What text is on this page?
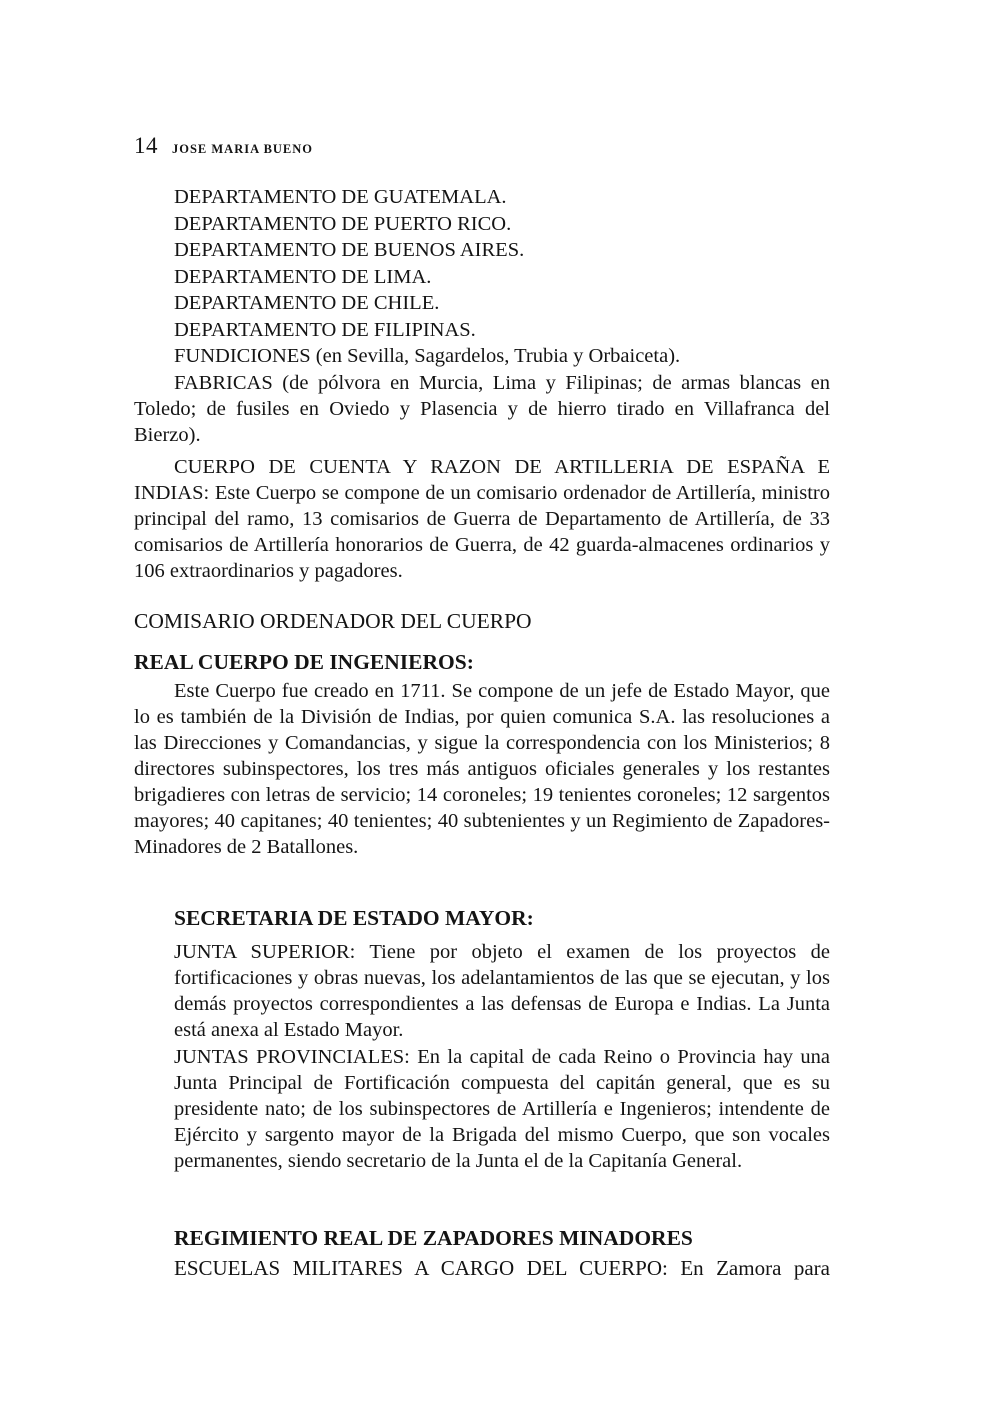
14 JOSE MARIA BUENO
DEPARTAMENTO DE GUATEMALA.
DEPARTAMENTO DE PUERTO RICO.
DEPARTAMENTO DE BUENOS AIRES.
DEPARTAMENTO DE LIMA.
DEPARTAMENTO DE CHILE.
DEPARTAMENTO DE FILIPINAS.
FUNDICIONES (en Sevilla, Sagardelos, Trubia y Orbaiceta).
FABRICAS (de pólvora en Murcia, Lima y Filipinas; de armas blancas en Toledo; de fusiles en Oviedo y Plasencia y de hierro tirado en Villafranca del Bierzo).
CUERPO DE CUENTA Y RAZON DE ARTILLERIA DE ESPAÑA E INDIAS: Este Cuerpo se compone de un comisario ordenador de Artillería, ministro principal del ramo, 13 comisarios de Guerra de Departamento de Artillería, de 33 comisarios de Artillería honorarios de Guerra, de 42 guarda-almacenes ordinarios y 106 extraordinarios y pagadores.
COMISARIO ORDENADOR DEL CUERPO
REAL CUERPO DE INGENIEROS:
Este Cuerpo fue creado en 1711. Se compone de un jefe de Estado Mayor, que lo es también de la División de Indias, por quien comunica S.A. las resoluciones a las Direcciones y Comandancias, y sigue la correspondencia con los Ministerios; 8 directores subinspectores, los tres más antiguos oficiales generales y los restantes brigadieres con letras de servicio; 14 coroneles; 19 tenientes coroneles; 12 sargentos mayores; 40 capitanes; 40 tenientes; 40 subtenientes y un Regimiento de Zapadores-Minadores de 2 Batallones.
SECRETARIA DE ESTADO MAYOR:
JUNTA SUPERIOR: Tiene por objeto el examen de los proyectos de fortificaciones y obras nuevas, los adelantamientos de las que se ejecutan, y los demás proyectos correspondientes a las defensas de Europa e Indias. La Junta está anexa al Estado Mayor.
JUNTAS PROVINCIALES: En la capital de cada Reino o Provincia hay una Junta Principal de Fortificación compuesta del capitán general, que es su presidente nato; de los subinspectores de Artillería e Ingenieros; intendente de Ejército y sargento mayor de la Brigada del mismo Cuerpo, que son vocales permanentes, siendo secretario de la Junta el de la Capitanía General.
REGIMIENTO REAL DE ZAPADORES MINADORES
ESCUELAS MILITARES A CARGO DEL CUERPO: En Zamora para
